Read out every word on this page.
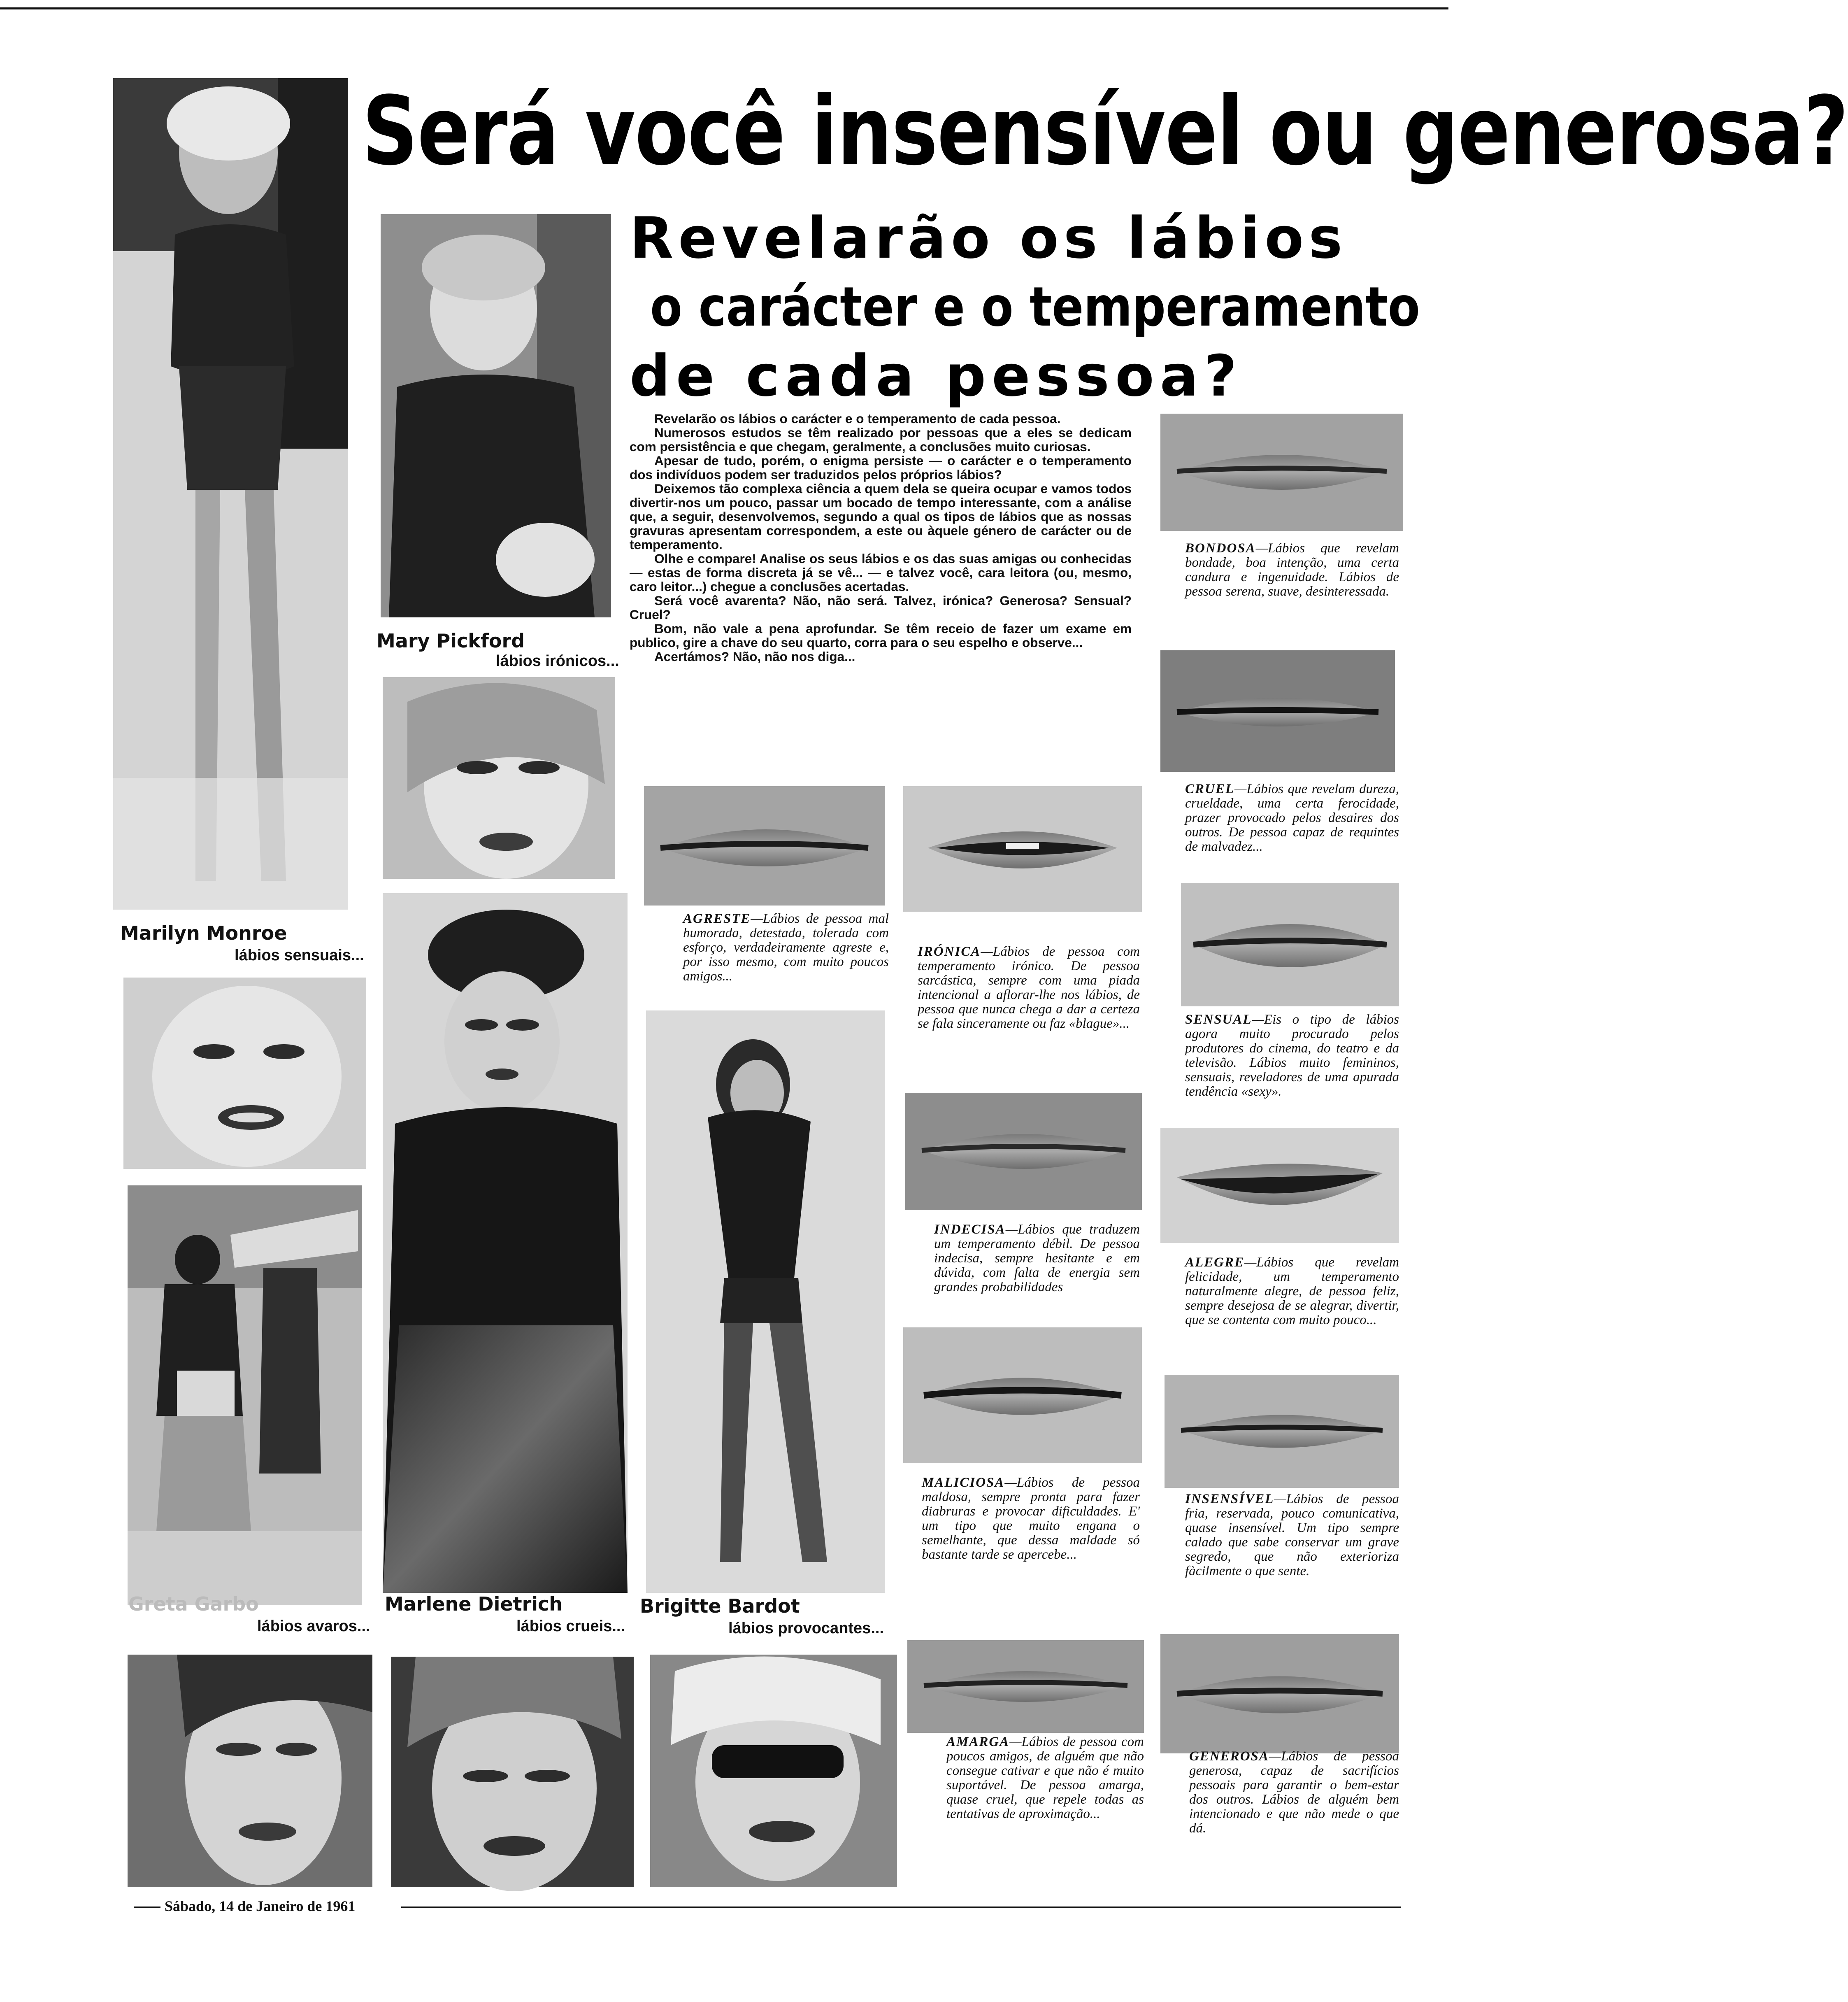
Será você insensível ou generosa?
Revelarão os lábios
o carácter e o temperamento
de cada pessoa?

Revelarão os lábios o carácter e o temperamento de cada pessoa.

Numerosos estudos se têm realizado por pessoas que a eles se dedicam com persistência e que chegam, geralmente, a conclusões muito curiosas.

Apesar de tudo, porém, o enigma persiste — o carácter e o temperamento dos indivíduos podem ser traduzidos pelos próprios lábios?

Deixemos tão complexa ciência a quem dela se queira ocupar e vamos todos divertir-nos um pouco, passar um bocado de tempo interessante, com a análise que, a seguir, desenvolvemos, segundo a qual os tipos de lábios que as nossas gravuras apresentam correspondem, a este ou àquele género de carácter ou de temperamento.

Olhe e compare! Analise os seus lábios e os das suas amigas ou conhecidas — estas de forma discreta já se vê... — e talvez você, cara leitora (ou, mesmo, caro leitor...) chegue a conclusões acertadas.

Será você avarenta? Não, não será. Talvez, irónica? Generosa? Sensual? Cruel?

Bom, não vale a pena aprofundar. Se têm receio de fazer um exame em publico, gire a chave do seu quarto, corra para o seu espelho e observe...

Acertámos? Não, não nos diga...

Marilyn Monroe
lábios sensuais...
Greta Garbo
lábios avaros...
Mary Pickford
lábios irónicos...
Marlene Dietrich
lábios crueis...
AGRESTE—Lábios de pessoa mal humorada, detestada, tolerada com esforço, verdadeiramente agreste e, por isso mesmo, com muito poucos amigos...
Brigitte Bardot
lábios provocantes...
IRÓNICA—Lábios de pessoa com temperamento irónico. De pessoa sarcástica, sempre com uma piada intencional a aflorar-lhe nos lábios, de pessoa que nunca chega a dar a certeza se fala sinceramente ou faz «blague»...
INDECISA—Lábios que traduzem um temperamento débil. De pessoa indecisa, sempre hesitante e em dúvida, com falta de energia sem grandes probabilidades
MALICIOSA—Lábios de pessoa maldosa, sempre pronta para fazer diabruras e provocar dificuldades. E' um tipo que muito engana o semelhante, que dessa maldade só bastante tarde se apercebe...
AMARGA—Lábios de pessoa com poucos amigos, de alguém que não consegue cativar e que não é muito suportável. De pessoa amarga, quase cruel, que repele todas as tentativas de aproximação...
BONDOSA—Lábios que revelam bondade, boa intenção, uma certa candura e ingenuidade. Lábios de pessoa serena, suave, desinteressada.
CRUEL—Lábios que revelam dureza, crueldade, uma certa ferocidade, prazer provocado pelos desaires dos outros. De pessoa capaz de requintes de malvadez...
SENSUAL—Eis o tipo de lábios agora muito procurado pelos produtores do cinema, do teatro e da televisão. Lábios muito femininos, sensuais, reveladores de uma apurada tendência «sexy».
ALEGRE—Lábios que revelam felicidade, um temperamento naturalmente alegre, de pessoa feliz, sempre desejosa de se alegrar, divertir, que se contenta com muito pouco...
INSENSÍVEL—Lábios de pessoa fria, reservada, pouco comunicativa, quase insensível. Um tipo sempre calado que sabe conservar um grave segredo, que não exterioriza fàcilmente o que sente.
GENEROSA—Lábios de pessoa generosa, capaz de sacrifícios pessoais para garantir o bem-estar dos outros. Lábios de alguém bem intencionado e que não mede o que dá.
Sábado, 14 de Janeiro de 1961
